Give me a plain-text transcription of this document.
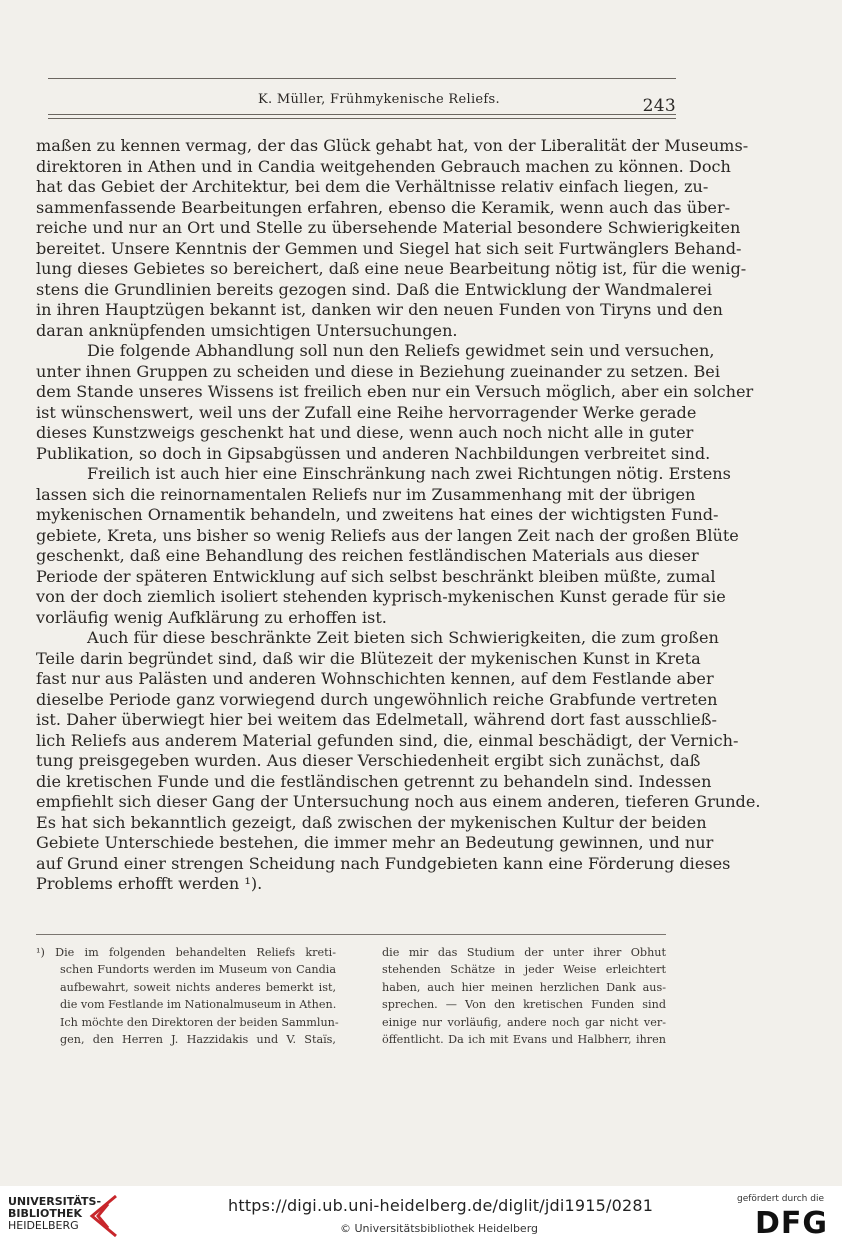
K. Müller, Frühmykenische Reliefs.	243
maßen zu kennen vermag, der das Glück gehabt hat, von der Liberalität der Museums-
direktoren in Athen und in Candia weitgehenden Gebrauch machen zu können. Doch
hat das Gebiet der Architektur, bei dem die Verhältnisse relativ einfach liegen, zu-
sammenfassende Bearbeitungen erfahren, ebenso die Keramik, wenn auch das über-
reiche und nur an Ort und Stelle zu übersehende Material besondere Schwierigkeiten
bereitet. Unsere Kenntnis der Gemmen und Siegel hat sich seit Furtwänglers Behand-
lung dieses Gebietes so bereichert, daß eine neue Bearbeitung nötig ist, für die wenig-
stens die Grundlinien bereits gezogen sind. Daß die Entwicklung der Wandmalerei
in ihren Hauptzügen bekannt ist, danken wir den neuen Funden von Tiryns und den
daran anknüpfenden umsichtigen Untersuchungen.
Die folgende Abhandlung soll nun den Reliefs gewidmet sein und versuchen,
unter ihnen Gruppen zu scheiden und diese in Beziehung zueinander zu setzen. Bei
dem Stande unseres Wissens ist freilich eben nur ein Versuch möglich, aber ein solcher
ist wünschenswert, weil uns der Zufall eine Reihe hervorragender Werke gerade
dieses Kunstzweigs geschenkt hat und diese, wenn auch noch nicht alle in guter
Publikation, so doch in Gipsabgüssen und anderen Nachbildungen verbreitet sind.
Freilich ist auch hier eine Einschränkung nach zwei Richtungen nötig. Erstens
lassen sich die reinornamentalen Reliefs nur im Zusammenhang mit der übrigen
mykenischen Ornamentik behandeln, und zweitens hat eines der wichtigsten Fund-
gebiete, Kreta, uns bisher so wenig Reliefs aus der langen Zeit nach der großen Blüte
geschenkt, daß eine Behandlung des reichen festländischen Materials aus dieser
Periode der späteren Entwicklung auf sich selbst beschränkt bleiben müßte, zumal
von der doch ziemlich isoliert stehenden kyprisch-mykenischen Kunst gerade für sie
vorläufig wenig Aufklärung zu erhoffen ist.
Auch für diese beschränkte Zeit bieten sich Schwierigkeiten, die zum großen
Teile darin begründet sind, daß wir die Blütezeit der mykenischen Kunst in Kreta
fast nur aus Palästen und anderen Wohnschichten kennen, auf dem Festlande aber
dieselbe Periode ganz vorwiegend durch ungewöhnlich reiche Grabfunde vertreten
ist. Daher überwiegt hier bei weitem das Edelmetall, während dort fast ausschließ-
lich Reliefs aus anderem Material gefunden sind, die, einmal beschädigt, der Vernich-
tung preisgegeben wurden. Aus dieser Verschiedenheit ergibt sich zunächst, daß
die kretischen Funde und die festländischen getrennt zu behandeln sind. Indessen
empfiehlt sich dieser Gang der Untersuchung noch aus einem anderen, tieferen Grunde.
Es hat sich bekanntlich gezeigt, daß zwischen der mykenischen Kultur der beiden
Gebiete Unterschiede bestehen, die immer mehr an Bedeutung gewinnen, und nur
auf Grund einer strengen Scheidung nach Fundgebieten kann eine Förderung dieses
Problems erhofft werden ¹).
¹) Die im folgenden behandelten Reliefs kreti-
schen Fundorts werden im Museum von Candia
aufbewahrt, soweit nichts anderes bemerkt ist,
die vom Festlande im Nationalmuseum in Athen.
Ich möchte den Direktoren der beiden Sammlun-
gen, den Herren J. Hazzidakis und V. Staïs,
die mir das Studium der unter ihrer Obhut
stehenden Schätze in jeder Weise erleichtert
haben, auch hier meinen herzlichen Dank aus-
sprechen. — Von den kretischen Funden sind
einige nur vorläufig, andere noch gar nicht ver-
öffentlicht. Da ich mit Evans und Halbherr, ihren
UNIVERSITÄTS-
BIBLIOTHEK
HEIDELBERG
https://digi.ub.uni-heidelberg.de/diglit/jdi1915/0281
© Universitätsbibliothek Heidelberg
gefördert durch die
DFG
